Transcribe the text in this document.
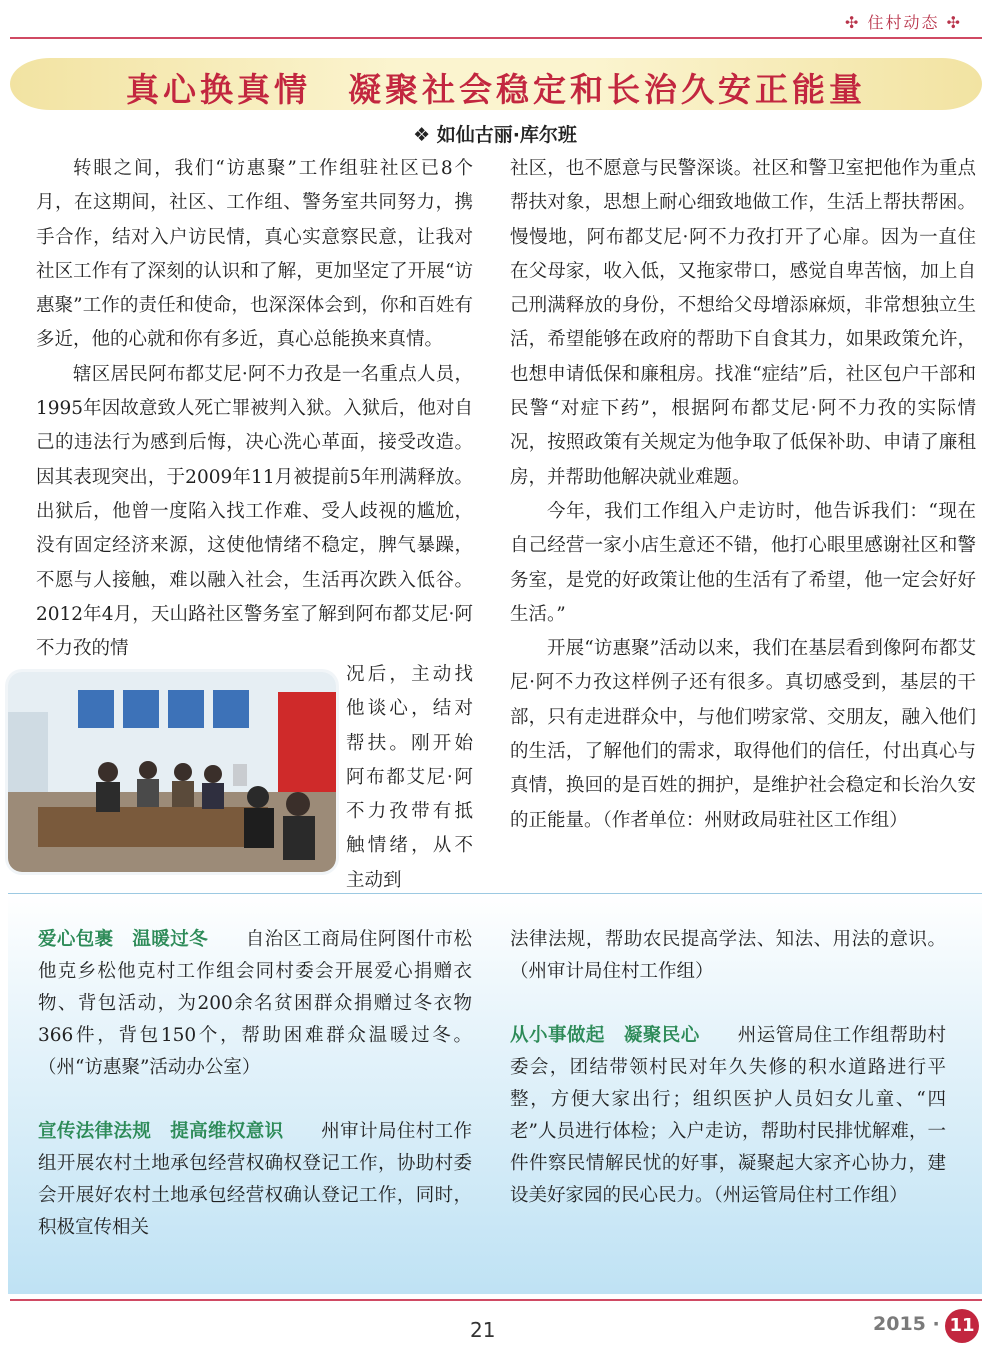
✣ 住村动态 ✣
真心换真情　凝聚社会稳定和长治久安正能量
❖ 如仙古丽·库尔班

转眼之间，我们“访惠聚”工作组驻社区已8个月，在这期间，社区、工作组、警务室共同努力，携手合作，结对入户访民情，真心实意察民意，让我对社区工作有了深刻的认识和了解，更加坚定了开展“访惠聚”工作的责任和使命，也深深体会到，你和百姓有多近，他的心就和你有多近，真心总能换来真情。

辖区居民阿布都艾尼·阿不力孜是一名重点人员，1995年因故意致人死亡罪被判入狱。入狱后，他对自己的违法行为感到后悔，决心洗心革面，接受改造。因其表现突出，于2009年11月被提前5年刑满释放。出狱后，他曾一度陷入找工作难、受人歧视的尴尬，没有固定经济来源，这使他情绪不稳定，脾气暴躁，不愿与人接触，难以融入社会，生活再次跌入低谷。2012年4月，天山路社区警务室了解到阿布都艾尼·阿不力孜的情

况后，主动找他谈心，结对帮扶。刚开始阿布都艾尼·阿不力孜带有抵触情绪，从不主动到

社区，也不愿意与民警深谈。社区和警卫室把他作为重点帮扶对象，思想上耐心细致地做工作，生活上帮扶帮困。慢慢地，阿布都艾尼·阿不力孜打开了心扉。因为一直住在父母家，收入低，又拖家带口，感觉自卑苦恼，加上自己刑满释放的身份，不想给父母增添麻烦，非常想独立生活，希望能够在政府的帮助下自食其力，如果政策允许，也想申请低保和廉租房。找准“症结”后，社区包户干部和民警“对症下药”，根据阿布都艾尼·阿不力孜的实际情况，按照政策有关规定为他争取了低保补助、申请了廉租房，并帮助他解决就业难题。

今年，我们工作组入户走访时，他告诉我们：“现在自己经营一家小店生意还不错，他打心眼里感谢社区和警务室，是党的好政策让他的生活有了希望，他一定会好好生活。”

开展“访惠聚”活动以来，我们在基层看到像阿布都艾尼·阿不力孜这样例子还有很多。真切感受到，基层的干部，只有走进群众中，与他们唠家常、交朋友，融入他们的生活，了解他们的需求，取得他们的信任，付出真心与真情，换回的是百姓的拥护，是维护社会稳定和长治久安的正能量。（作者单位：州财政局驻社区工作组）

爱心包裹　温暖过冬　　自治区工商局住阿图什市松他克乡松他克村工作组会同村委会开展爱心捐赠衣物、背包活动，为200余名贫困群众捐赠过冬衣物366件，背包150个，帮助困难群众温暖过冬。（州“访惠聚”活动办公室）

宣传法律法规　提高维权意识　　州审计局住村工作组开展农村土地承包经营权确权登记工作，协助村委会开展好农村土地承包经营权确认登记工作，同时，积极宣传相关

法律法规，帮助农民提高学法、知法、用法的意识。（州审计局住村工作组）

从小事做起　凝聚民心　　州运管局住工作组帮助村委会，团结带领村民对年久失修的积水道路进行平整，方便大家出行；组织医护人员妇女儿童、“四老”人员进行体检；入户走访，帮助村民排忧解难，一件件察民情解民忧的好事，凝聚起大家齐心协力，建设美好家园的民心民力。（州运管局住村工作组）

21	2015 · 11
